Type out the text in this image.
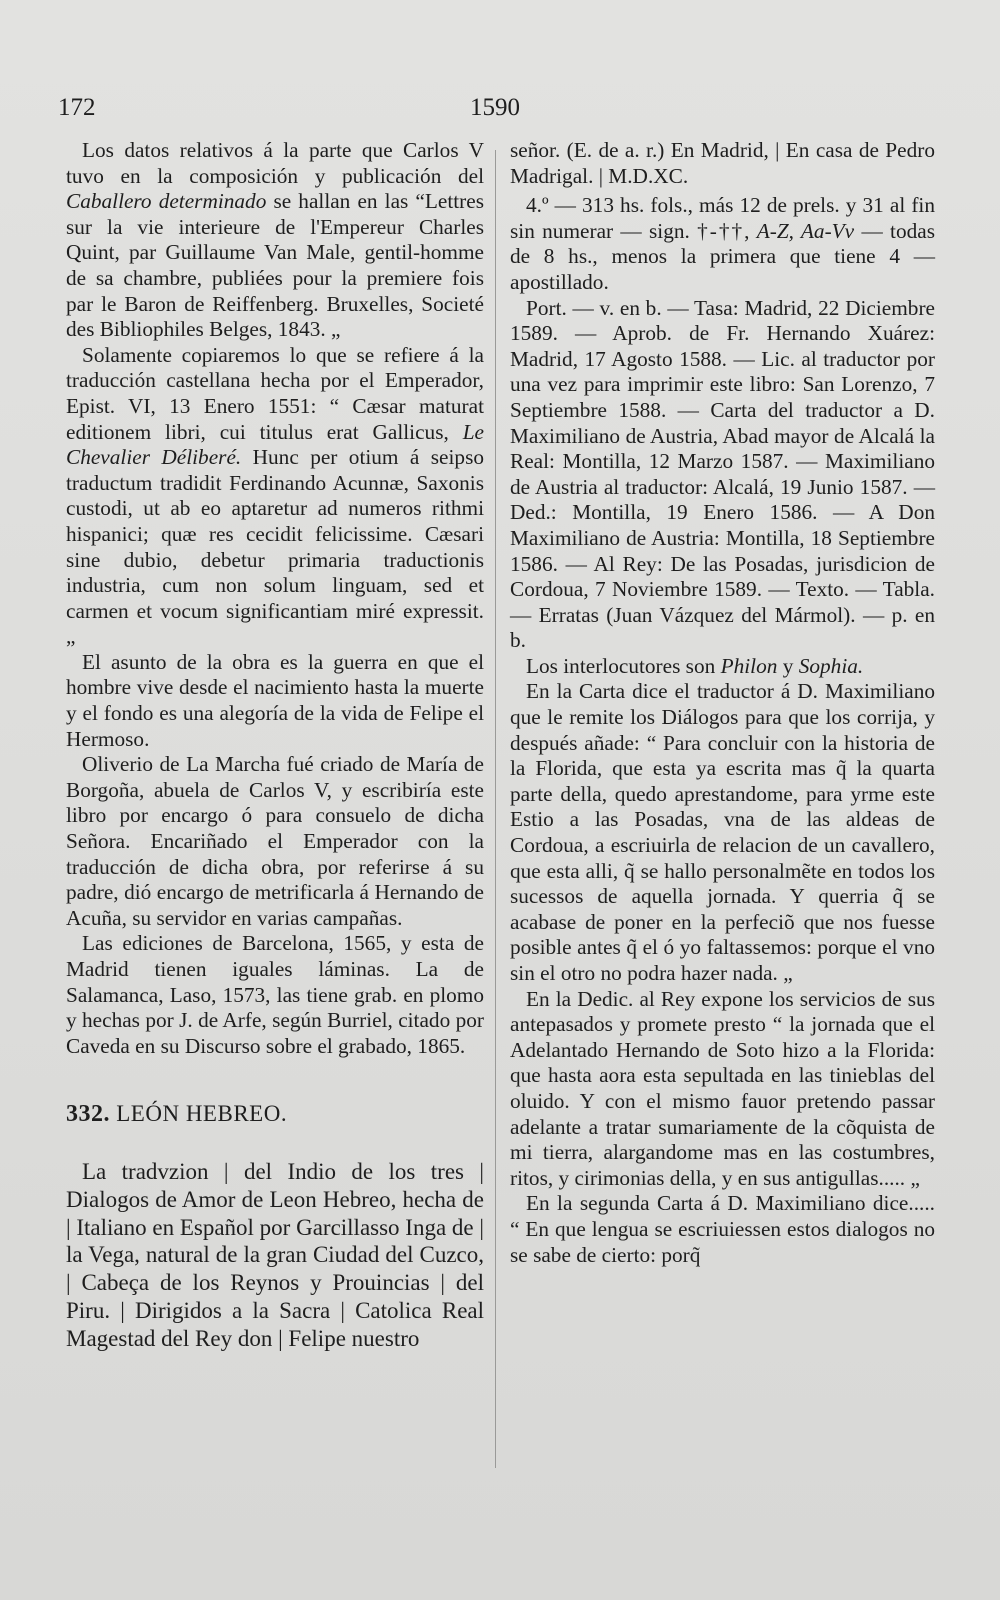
172	1590

Los datos relativos á la parte que Carlos V tuvo en la composición y publicación del Caballero determinado se hallan en las “Lettres sur la vie interieure de l'Empereur Charles Quint, par Guillaume Van Male, gentil-homme de sa chambre, publiées pour la premiere fois par le Baron de Reiffenberg. Bruxelles, Societé des Bibliophiles Belges, 1843. „

Solamente copiaremos lo que se refiere á la traducción castellana hecha por el Emperador, Epist. VI, 13 Enero 1551: “ Cæsar maturat editionem libri, cui titulus erat Gallicus, Le Chevalier Déliberé. Hunc per otium á seipso traductum tradidit Ferdinando Acunnæ, Saxonis custodi, ut ab eo aptaretur ad numeros rithmi hispanici; quæ res cecidit felicissime. Cæsari sine dubio, debetur primaria traductionis industria, cum non solum linguam, sed et carmen et vocum significantiam miré expressit. „

El asunto de la obra es la guerra en que el hombre vive desde el nacimiento hasta la muerte y el fondo es una alegoría de la vida de Felipe el Hermoso.

Oliverio de La Marcha fué criado de María de Borgoña, abuela de Carlos V, y escribiría este libro por encargo ó para consuelo de dicha Señora. Encariñado el Emperador con la traducción de dicha obra, por referirse á su padre, dió encargo de metrificarla á Hernando de Acuña, su servidor en varias campañas.

Las ediciones de Barcelona, 1565, y esta de Madrid tienen iguales láminas. La de Salamanca, Laso, 1573, las tiene grab. en plomo y hechas por J. de Arfe, según Burriel, citado por Caveda en su Discurso sobre el grabado, 1865.

332. LEÓN HEBREO.

La tradvzion | del Indio de los tres | Dialogos de Amor de Leon Hebreo, hecha de | Italiano en Español por Garcillasso Inga de | la Vega, natural de la gran Ciudad del Cuzco, | Cabeça de los Reynos y Prouincias | del Piru. | Dirigidos a la Sacra | Catolica Real Magestad del Rey don | Felipe nuestro

señor. (E. de a. r.) En Madrid, | En casa de Pedro Madrigal. | M.D.XC.

4.º — 313 hs. fols., más 12 de prels. y 31 al fin sin numerar — sign. †-††, A-Z, Aa-Vv — todas de 8 hs., menos la primera que tiene 4 — apostillado.

Port. — v. en b. — Tasa: Madrid, 22 Diciembre 1589. — Aprob. de Fr. Hernando Xuárez: Madrid, 17 Agosto 1588. — Lic. al traductor por una vez para imprimir este libro: San Lorenzo, 7 Septiembre 1588. — Carta del traductor a D. Maximiliano de Austria, Abad mayor de Alcalá la Real: Montilla, 12 Marzo 1587. — Maximiliano de Austria al traductor: Alcalá, 19 Junio 1587. — Ded.: Montilla, 19 Enero 1586. — A Don Maximiliano de Austria: Montilla, 18 Septiembre 1586. — Al Rey: De las Posadas, jurisdicion de Cordoua, 7 Noviembre 1589. — Texto. — Tabla. — Erratas (Juan Vázquez del Mármol). — p. en b.

Los interlocutores son Philon y Sophia.

En la Carta dice el traductor á D. Maximiliano que le remite los Diálogos para que los corrija, y después añade: “ Para concluir con la historia de la Florida, que esta ya escrita mas q̃ la quarta parte della, quedo aprestandome, para yrme este Estio a las Posadas, vna de las aldeas de Cordoua, a escriuirla de relacion de un cavallero, que esta alli, q̃ se hallo personalmẽte en todos los sucessos de aquella jornada. Y querria q̃ se acabase de poner en la perfeciõ que nos fuesse posible antes q̃ el ó yo faltassemos: porque el vno sin el otro no podra hazer nada. „

En la Dedic. al Rey expone los servicios de sus antepasados y promete presto “ la jornada que el Adelantado Hernando de Soto hizo a la Florida: que hasta aora esta sepultada en las tinieblas del oluido. Y con el mismo fauor pretendo passar adelante a tratar sumariamente de la cõquista de mi tierra, alargandome mas en las costumbres, ritos, y cirimonias della, y en sus antigullas..... „

En la segunda Carta á D. Maximiliano dice..... “ En que lengua se escriuiessen estos dialogos no se sabe de cierto: porq̃
